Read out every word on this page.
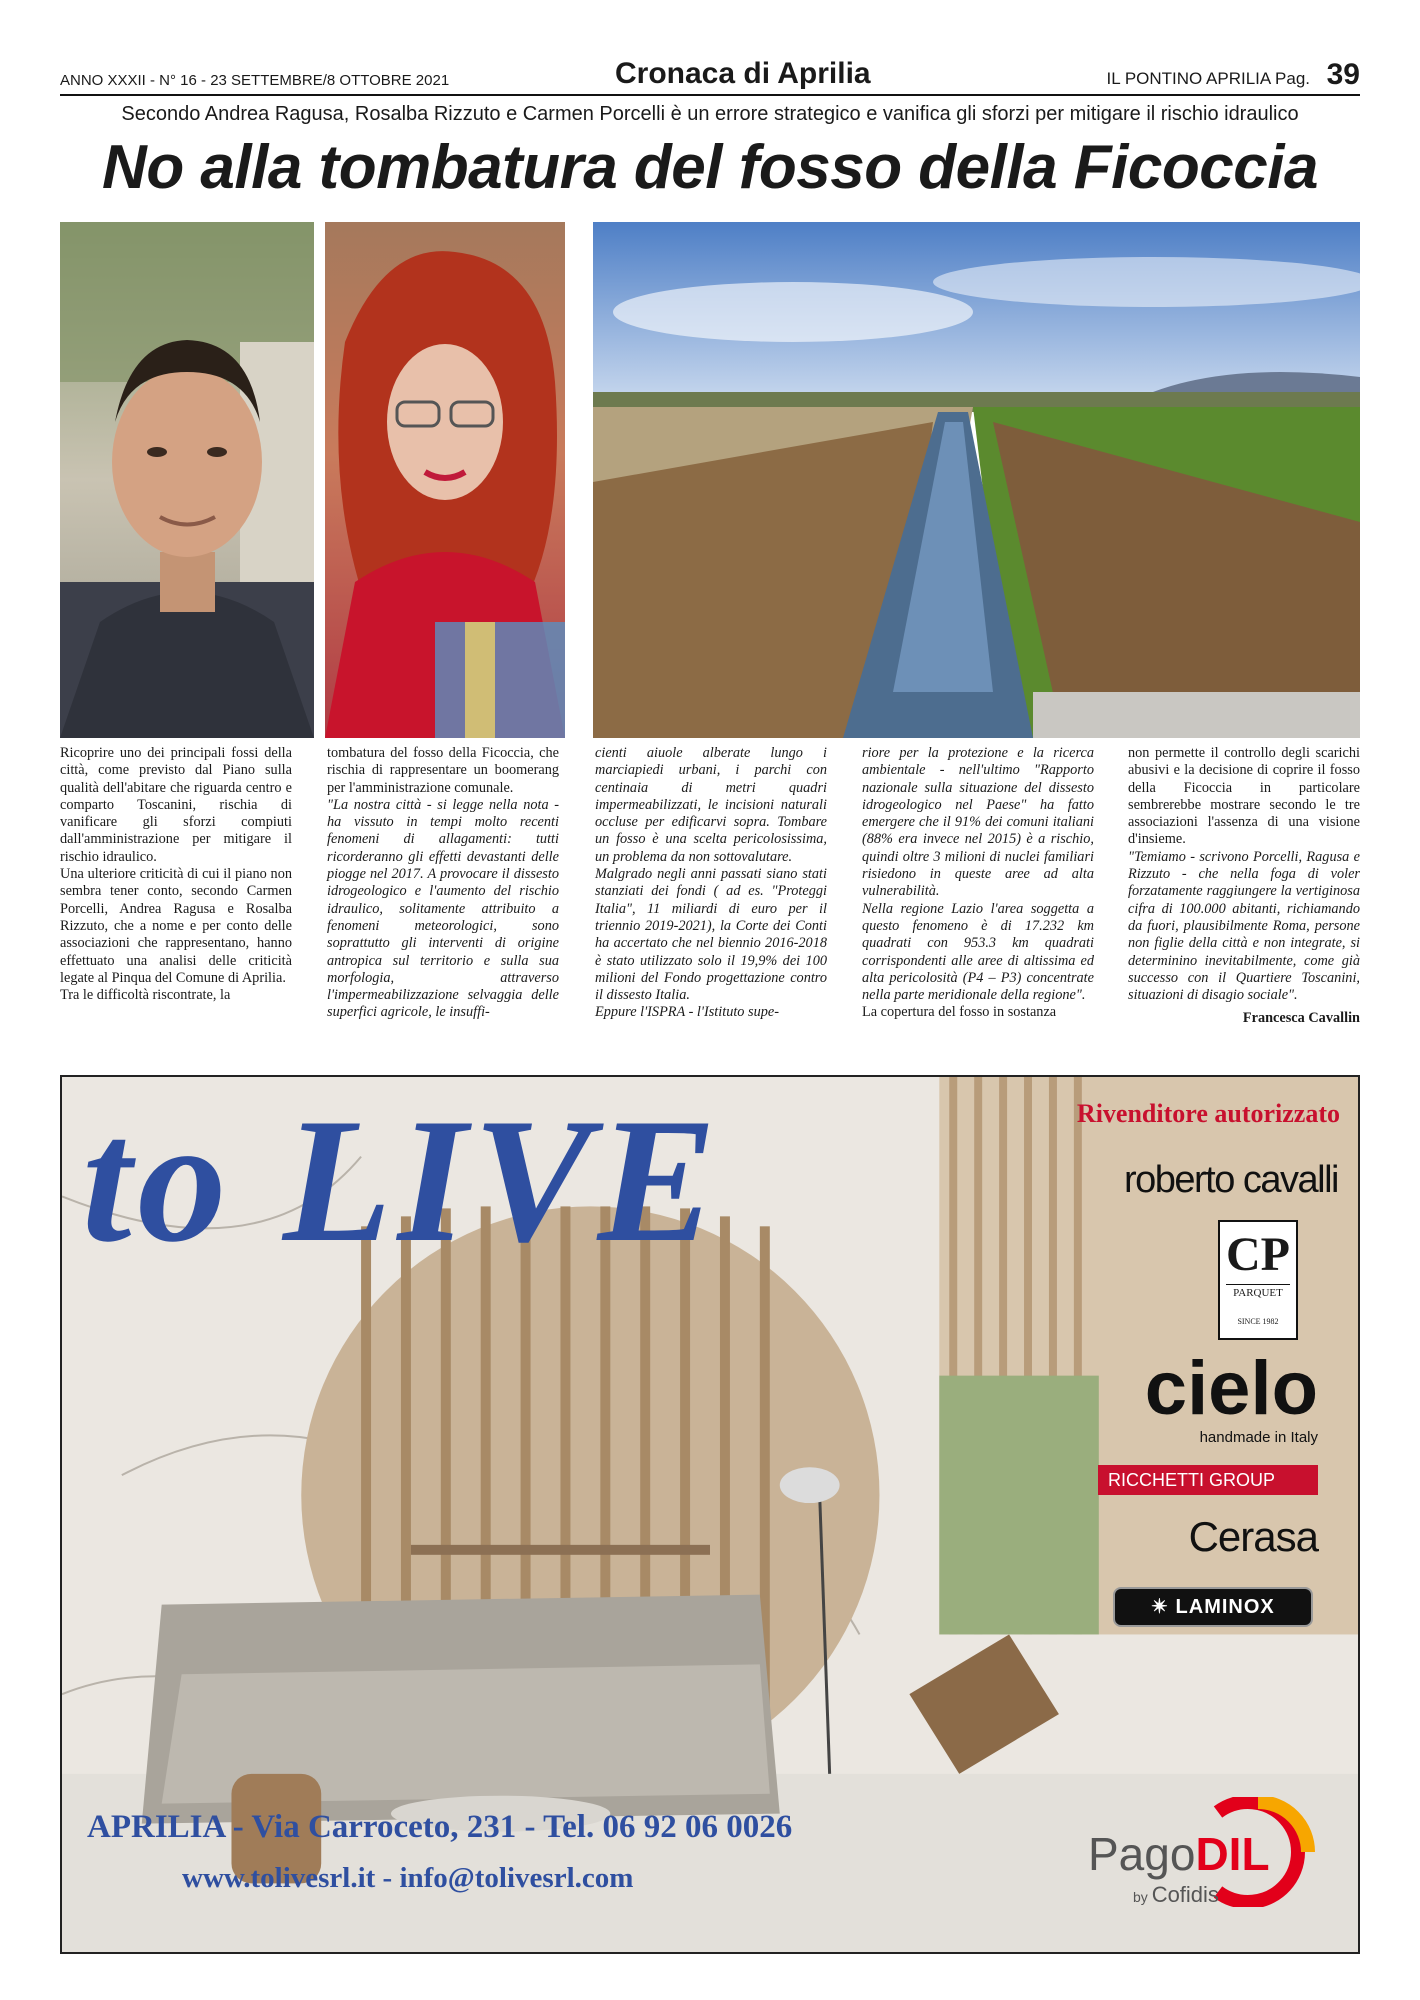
ANNO XXXII - N° 16 - 23 SETTEMBRE/8 OTTOBRE 2021	Cronaca di Aprilia	IL PONTINO APRILIA Pag. 39
Secondo Andrea Ragusa, Rosalba Rizzuto e Carmen Porcelli è un errore strategico e vanifica gli sforzi per mitigare il rischio idraulico
No alla tombatura del fosso della Ficoccia

Ricoprire uno dei principali fossi della città, come previsto dal Piano sulla qualità dell'abitare che riguarda centro e comparto Toscanini, rischia di vanificare gli sforzi compiuti dall'amministrazione per mitigare il rischio idraulico.

Una ulteriore criticità di cui il piano non sembra tener conto, secondo Carmen Porcelli, Andrea Ragusa e Rosalba Rizzuto, che a nome e per conto delle associazioni che rappresentano, hanno effettuato una analisi delle criticità legate al Pinqua del Comune di Aprilia.

Tra le difficoltà riscontrate, la

tombatura del fosso della Ficoccia, che rischia di rappresentare un boomerang per l'amministrazione comunale.

"La nostra città - si legge nella nota - ha vissuto in tempi molto recenti fenomeni di allagamenti: tutti ricorderanno gli effetti devastanti delle piogge nel 2017. A provocare il dissesto idrogeologico e l'aumento del rischio idraulico, solitamente attribuito a fenomeni meteorologici, sono soprattutto gli interventi di origine antropica sul territorio e sulla sua morfologia, attraverso l'impermeabilizzazione selvaggia delle superfici agricole, le insuffi-

cienti aiuole alberate lungo i marciapiedi urbani, i parchi con centinaia di metri quadri impermeabilizzati, le incisioni naturali occluse per edificarvi sopra. Tombare un fosso è una scelta pericolosissima, un problema da non sottovalutare.

Malgrado negli anni passati siano stati stanziati dei fondi ( ad es. "Proteggi Italia", 11 miliardi di euro per il triennio 2019-2021), la Corte dei Conti ha accertato che nel biennio 2016-2018 è stato utilizzato solo il 19,9% dei 100 milioni del Fondo progettazione contro il dissesto Italia.

Eppure l'ISPRA - l'Istituto supe-

riore per la protezione e la ricerca ambientale - nell'ultimo "Rapporto nazionale sulla situazione del dissesto idrogeologico nel Paese" ha fatto emergere che il 91% dei comuni italiani (88% era invece nel 2015) è a rischio, quindi oltre 3 milioni di nuclei familiari risiedono in queste aree ad alta vulnerabilità.

Nella regione Lazio l'area soggetta a questo fenomeno è di 17.232 km quadrati con 953.3 km quadrati corrispondenti alle aree di altissima ed alta pericolosità (P4 – P3) concentrate nella parte meridionale della regione".

La copertura del fosso in sostanza

non permette il controllo degli scarichi abusivi e la decisione di coprire il fosso della Ficoccia in particolare sembrerebbe mostrare secondo le tre associazioni l'assenza di una visione d'insieme.

"Temiamo - scrivono Porcelli, Ragusa e Rizzuto - che nella foga di voler forzatamente raggiungere la vertiginosa cifra di 100.000 abitanti, richiamando da fuori, plausibilmente Roma, persone non figlie della città e non integrate, si determinino inevitabilmente, come già successo con il Quartiere Toscanini, situazioni di disagio sociale".

Francesca Cavallin
to LIVE	Rivenditore autorizzato
roberto cavalli
CP
PARQUET
SINCE 1982
cielo
handmade in Italy
RICCHETTI GROUP
Cerasa
✴ LAMINOX
APRILIA - Via Carroceto, 231 - Tel. 06 92 06 0026
www.tolivesrl.it - info@tolivesrl.com	PagoDIL
by Cofidis
